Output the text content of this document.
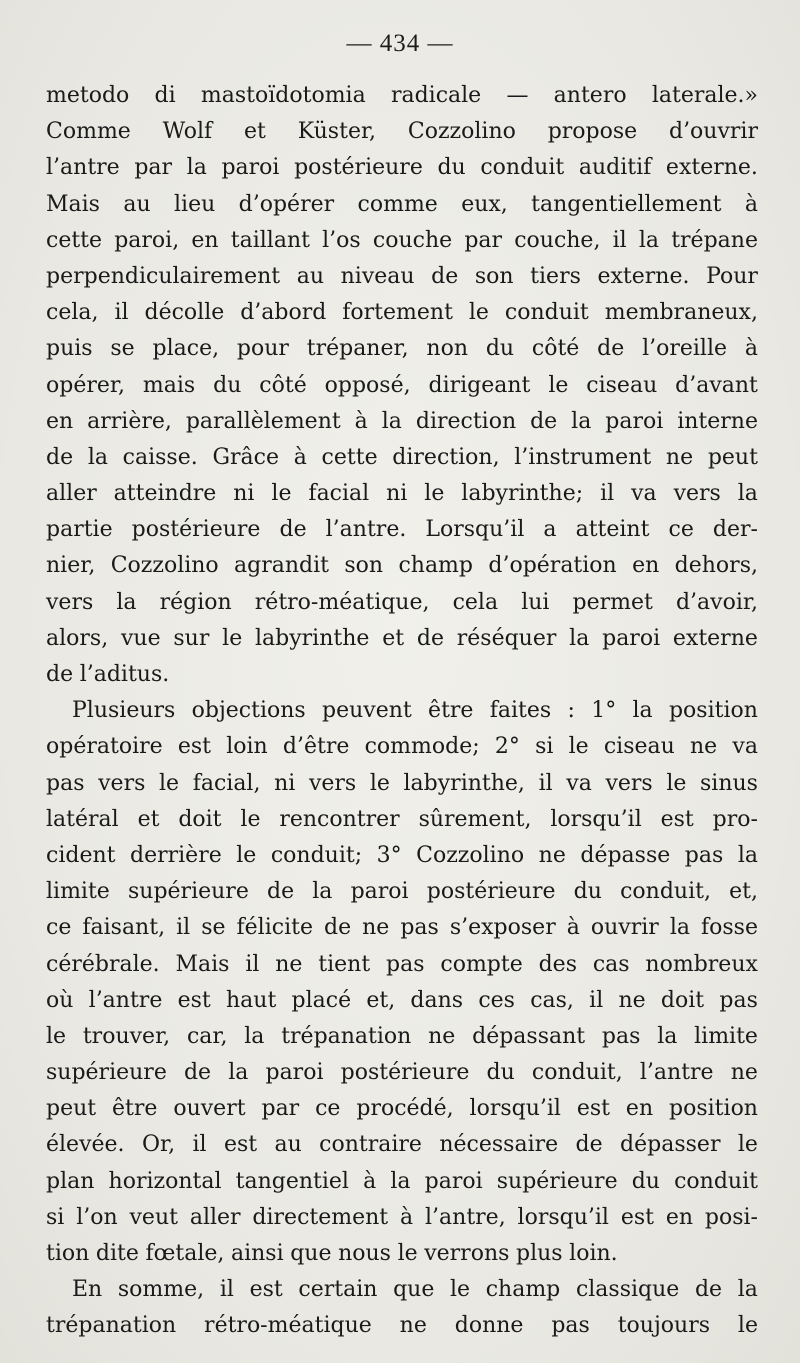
— 434 —
metodo di mastoïdotomia radicale — antero laterale.»
Comme Wolf et Küster, Cozzolino propose d’ouvrir
l’antre par la paroi postérieure du conduit auditif externe.
Mais au lieu d’opérer comme eux, tangentiellement à
cette paroi, en taillant l’os couche par couche, il la trépane
perpendiculairement au niveau de son tiers externe. Pour
cela, il décolle d’abord fortement le conduit membraneux,
puis se place, pour trépaner, non du côté de l’oreille à
opérer, mais du côté opposé, dirigeant le ciseau d’avant
en arrière, parallèlement à la direction de la paroi interne
de la caisse. Grâce à cette direction, l’instrument ne peut
aller atteindre ni le facial ni le labyrinthe; il va vers la
partie postérieure de l’antre. Lorsqu’il a atteint ce der-
nier, Cozzolino agrandit son champ d’opération en dehors,
vers la région rétro-méatique, cela lui permet d’avoir,
alors, vue sur le labyrinthe et de réséquer la paroi externe
de l’aditus.
Plusieurs objections peuvent être faites : 1° la position
opératoire est loin d’être commode; 2° si le ciseau ne va
pas vers le facial, ni vers le labyrinthe, il va vers le sinus
latéral et doit le rencontrer sûrement, lorsqu’il est pro-
cident derrière le conduit; 3° Cozzolino ne dépasse pas la
limite supérieure de la paroi postérieure du conduit, et,
ce faisant, il se félicite de ne pas s’exposer à ouvrir la fosse
cérébrale. Mais il ne tient pas compte des cas nombreux
où l’antre est haut placé et, dans ces cas, il ne doit pas
le trouver, car, la trépanation ne dépassant pas la limite
supérieure de la paroi postérieure du conduit, l’antre ne
peut être ouvert par ce procédé, lorsqu’il est en position
élevée. Or, il est au contraire nécessaire de dépasser le
plan horizontal tangentiel à la paroi supérieure du conduit
si l’on veut aller directement à l’antre, lorsqu’il est en posi-
tion dite fœtale, ainsi que nous le verrons plus loin.
En somme, il est certain que le champ classique de la
trépanation rétro-méatique ne donne pas toujours le
